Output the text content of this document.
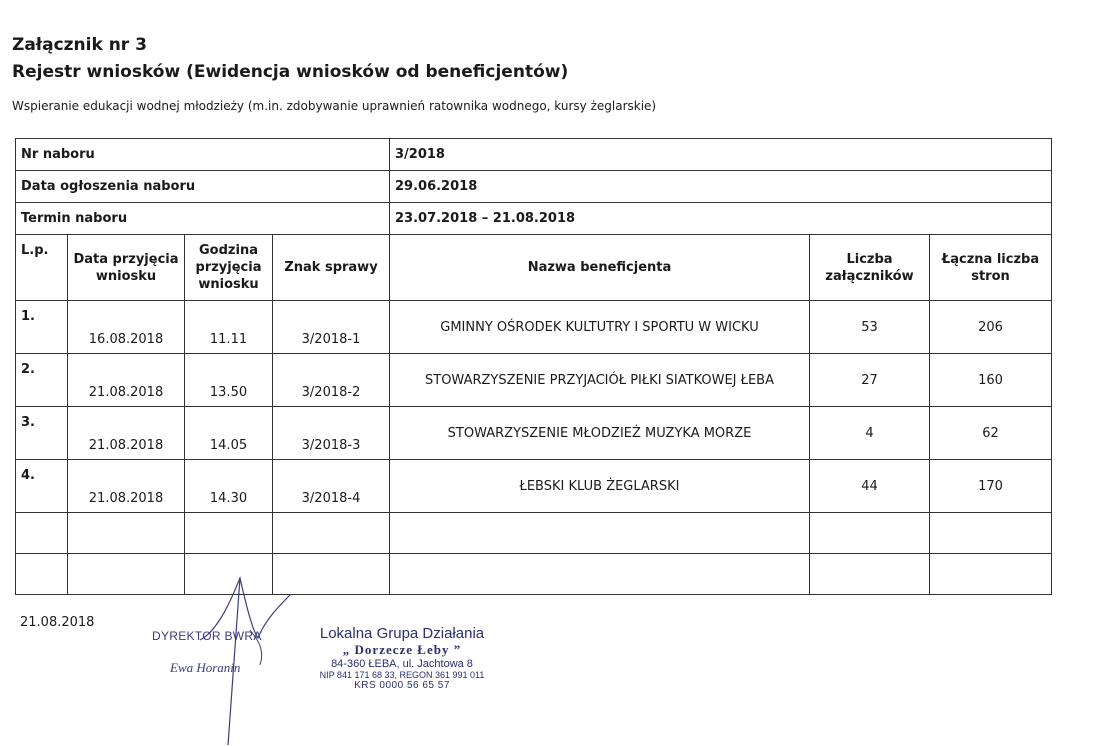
Załącznik nr 3
Rejestr wniosków (Ewidencja wniosków od beneficjentów)
Wspieranie edukacji wodnej młodzieży (m.in. zdobywanie uprawnień ratownika wodnego, kursy żeglarskie)
Nr naboru				3/2018		
Data ogłoszenia naboru				29.06.2018		
Termin naboru				23.07.2018 – 21.08.2018		
L.p.	Data przyjęcia wniosku	Godzina przyjęcia wniosku	Znak sprawy	Nazwa beneficjenta	Liczba załączników	Łączna liczba stron
1.	16.08.2018	11.11	3/2018-1	GMINNY OŚRODEK KULTUTRY I SPORTU W WICKU	53	206
2.	21.08.2018	13.50	3/2018-2	STOWARZYSZENIE PRZYJACIÓŁ PIŁKI SIATKOWEJ ŁEBA	27	160
3.	21.08.2018	14.05	3/2018-3	STOWARZYSZENIE MŁODZIEŻ MUZYKA MORZE	4	62
4.	21.08.2018	14.30	3/2018-4	ŁEBSKI KLUB ŻEGLARSKI	44	170

21.08.2018
DYREKTOR BWRA
Ewa Horanin
Lokalna Grupa Działania
„ Dorzecze Łeby ”
84-360 ŁEBA, ul. Jachtowa 8
NIP 841 171 68 33, REGON 361 991 011
KRS 0000 56 65 57
